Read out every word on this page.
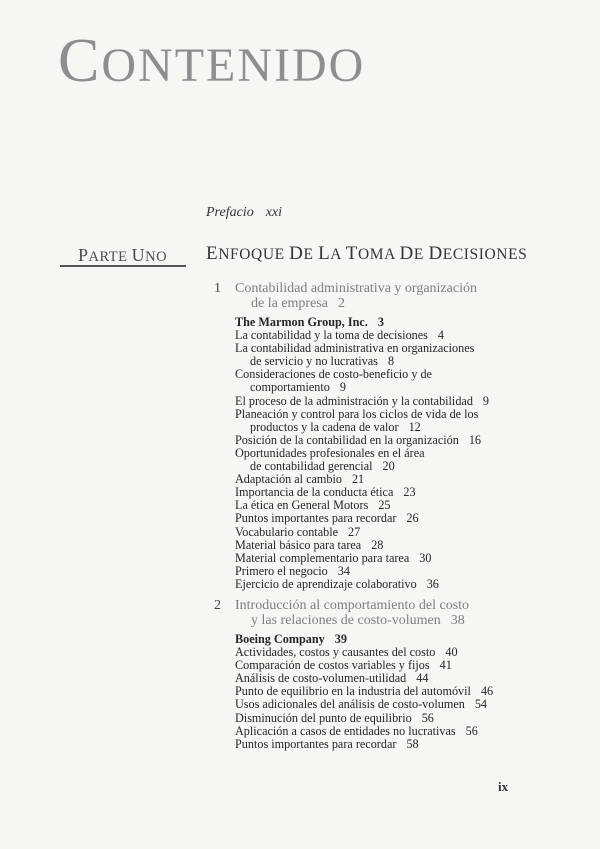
CONTENIDO
Prefacio xxi
PARTE UNO ENFOQUE DE LA TOMA DE DECISIONES
1	Contabilidad administrativa y organización
de la empresa 2
The Marmon Group, Inc. 3
La contabilidad y la toma de decisiones 4
La contabilidad administrativa en organizaciones
de servicio y no lucrativas 8
Consideraciones de costo-beneficio y de
comportamiento 9
El proceso de la administración y la contabilidad 9
Planeación y control para los ciclos de vida de los
productos y la cadena de valor 12
Posición de la contabilidad en la organización 16
Oportunidades profesionales en el área
de contabilidad gerencial 20
Adaptación al cambio 21
Importancia de la conducta ética 23
La ética en General Motors 25
Puntos importantes para recordar 26
Vocabulario contable 27
Material básico para tarea 28
Material complementario para tarea 30
Primero el negocio 34
Ejercicio de aprendizaje colaborativo 36
2	Introducción al comportamiento del costo
y las relaciones de costo-volumen 38
Boeing Company 39
Actividades, costos y causantes del costo 40
Comparación de costos variables y fijos 41
Análisis de costo-volumen-utilidad 44
Punto de equilibrio en la industria del automóvil 46
Usos adicionales del análisis de costo-volumen 54
Disminución del punto de equilibrio 56
Aplicación a casos de entidades no lucrativas 56
Puntos importantes para recordar 58
ix
